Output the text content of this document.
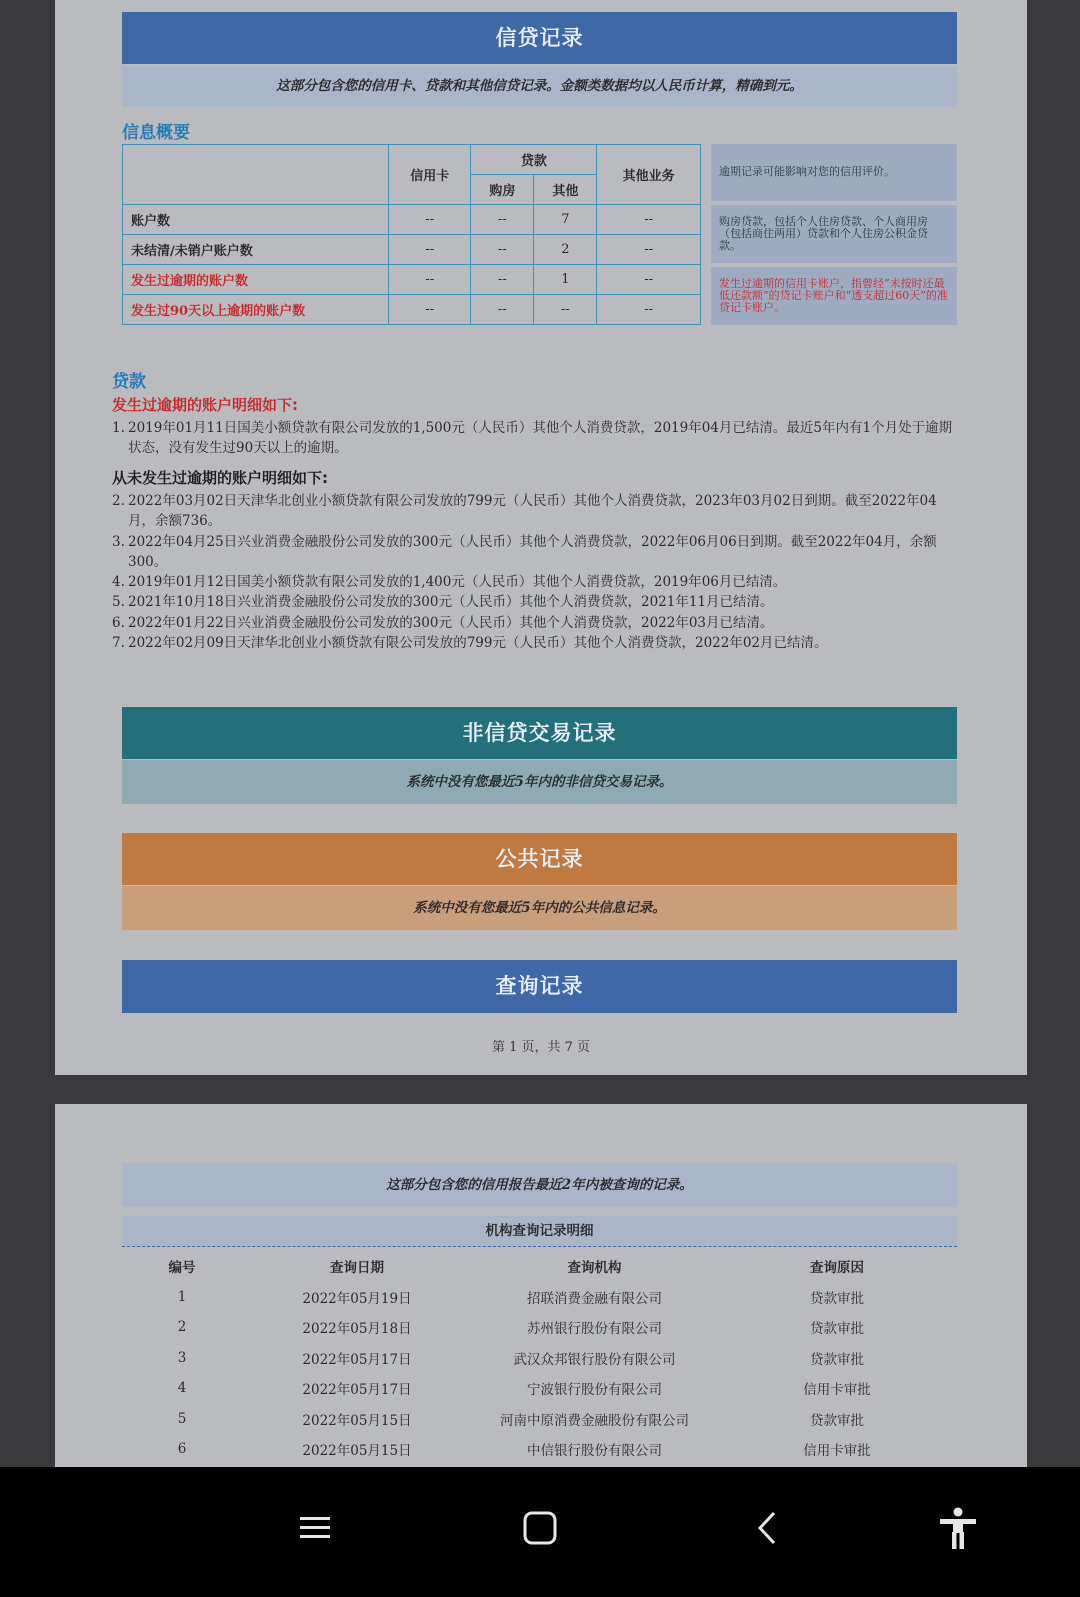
信贷记录
这部分包含您的信用卡、贷款和其他信贷记录。金额类数据均以人民币计算，精确到元。
信息概要
	信用卡	贷款		其他业务
		购房	其他	
账户数	--	--	7	--
未结清/未销户账户数	--	--	2	--
发生过逾期的账户数	--	--	1	--
发生过90天以上逾期的账户数	--	--	--	--
逾期记录可能影响对您的信用评价。
购房贷款，包括个人住房贷款、个人商用房（包括商住两用）贷款和个人住房公积金贷款。
发生过逾期的信用卡账户，指曾经“未按时还最低还款额”的贷记卡账户和“透支超过60天”的准贷记卡账户。
贷款
发生过逾期的账户明细如下:
1. 2019年01月11日国美小额贷款有限公司发放的1,500元（人民币）其他个人消费贷款，2019年04月已结清。最近5年内有1个月处于逾期状态，没有发生过90天以上的逾期。
从未发生过逾期的账户明细如下:
2. 2022年03月02日天津华北创业小额贷款有限公司发放的799元（人民币）其他个人消费贷款，2023年03月02日到期。截至2022年04月，余额736。
3. 2022年04月25日兴业消费金融股份公司发放的300元（人民币）其他个人消费贷款，2022年06月06日到期。截至2022年04月，余额300。
4. 2019年01月12日国美小额贷款有限公司发放的1,400元（人民币）其他个人消费贷款，2019年06月已结清。
5. 2021年10月18日兴业消费金融股份公司发放的300元（人民币）其他个人消费贷款，2021年11月已结清。
6. 2022年01月22日兴业消费金融股份公司发放的300元（人民币）其他个人消费贷款，2022年03月已结清。
7. 2022年02月09日天津华北创业小额贷款有限公司发放的799元（人民币）其他个人消费贷款，2022年02月已结清。
非信贷交易记录
系统中没有您最近5年内的非信贷交易记录。
公共记录
系统中没有您最近5年内的公共信息记录。
查询记录
第 1 页，共 7 页
这部分包含您的信用报告最近2年内被查询的记录。
机构查询记录明细
编号	查询日期	查询机构	查询原因
1	2022年05月19日	招联消费金融有限公司	贷款审批
2	2022年05月18日	苏州银行股份有限公司	贷款审批
3	2022年05月17日	武汉众邦银行股份有限公司	贷款审批
4	2022年05月17日	宁波银行股份有限公司	信用卡审批
5	2022年05月15日	河南中原消费金融股份有限公司	贷款审批
6	2022年05月15日	中信银行股份有限公司	信用卡审批
